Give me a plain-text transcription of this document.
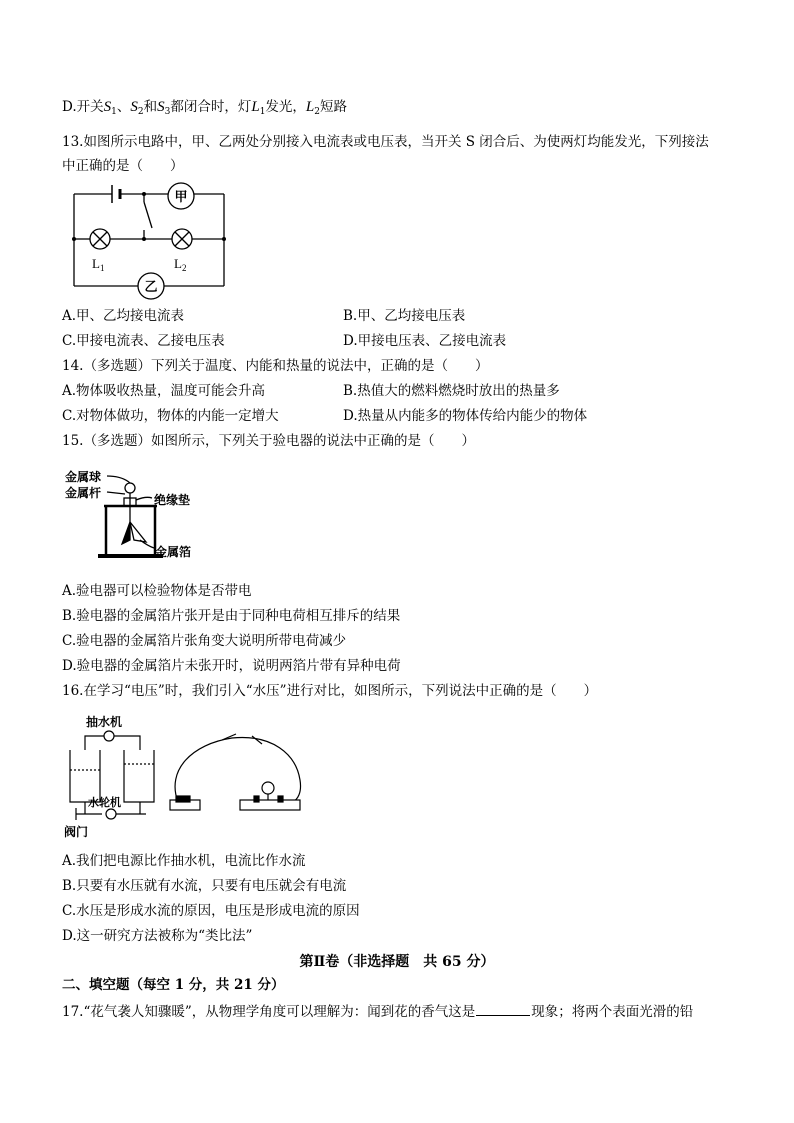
D.开关$S_1$、$S_2$和$S_3$都闭合时，灯$L_1$发光，$L_2$短路
13.如图所示电路中，甲、乙两处分别接入电流表或电压表，当开关 S 闭合后、为使两灯均能发光，下列接法
中正确的是（　　）
甲
乙
$L_1$	$L_2$
A.甲、乙均接电流表	B.甲、乙均接电压表
C.甲接电流表、乙接电压表	D.甲接电压表、乙接电流表
14.（多选题）下列关于温度、内能和热量的说法中，正确的是（　　）
A.物体吸收热量，温度可能会升高	B.热值大的燃料燃烧时放出的热量多
C.对物体做功，物体的内能一定增大	D.热量从内能多的物体传给内能少的物体
15.（多选题）如图所示，下列关于验电器的说法中正确的是（　　）
金属球
金属杆	绝缘垫
金属箔
A.验电器可以检验物体是否带电
B.验电器的金属箔片张开是由于同种电荷相互排斥的结果
C.验电器的金属箔片张角变大说明所带电荷减少
D.验电器的金属箔片未张开时，说明两箔片带有异种电荷
16.在学习“电压”时，我们引入“水压”进行对比，如图所示，下列说法中正确的是（　　）
抽水机
水轮机
阀门
A.我们把电源比作抽水机，电流比作水流
B.只要有水压就有水流，只要有电压就会有电流
C.水压是形成水流的原因，电压是形成电流的原因
D.这一研究方法被称为“类比法”
第Ⅱ卷（非选择题　共 65 分）
二、填空题（每空 1 分，共 21 分）
17.“花气袭人知骤暖”，从物理学角度可以理解为：闻到花的香气这是	现象；将两个表面光滑的铅
